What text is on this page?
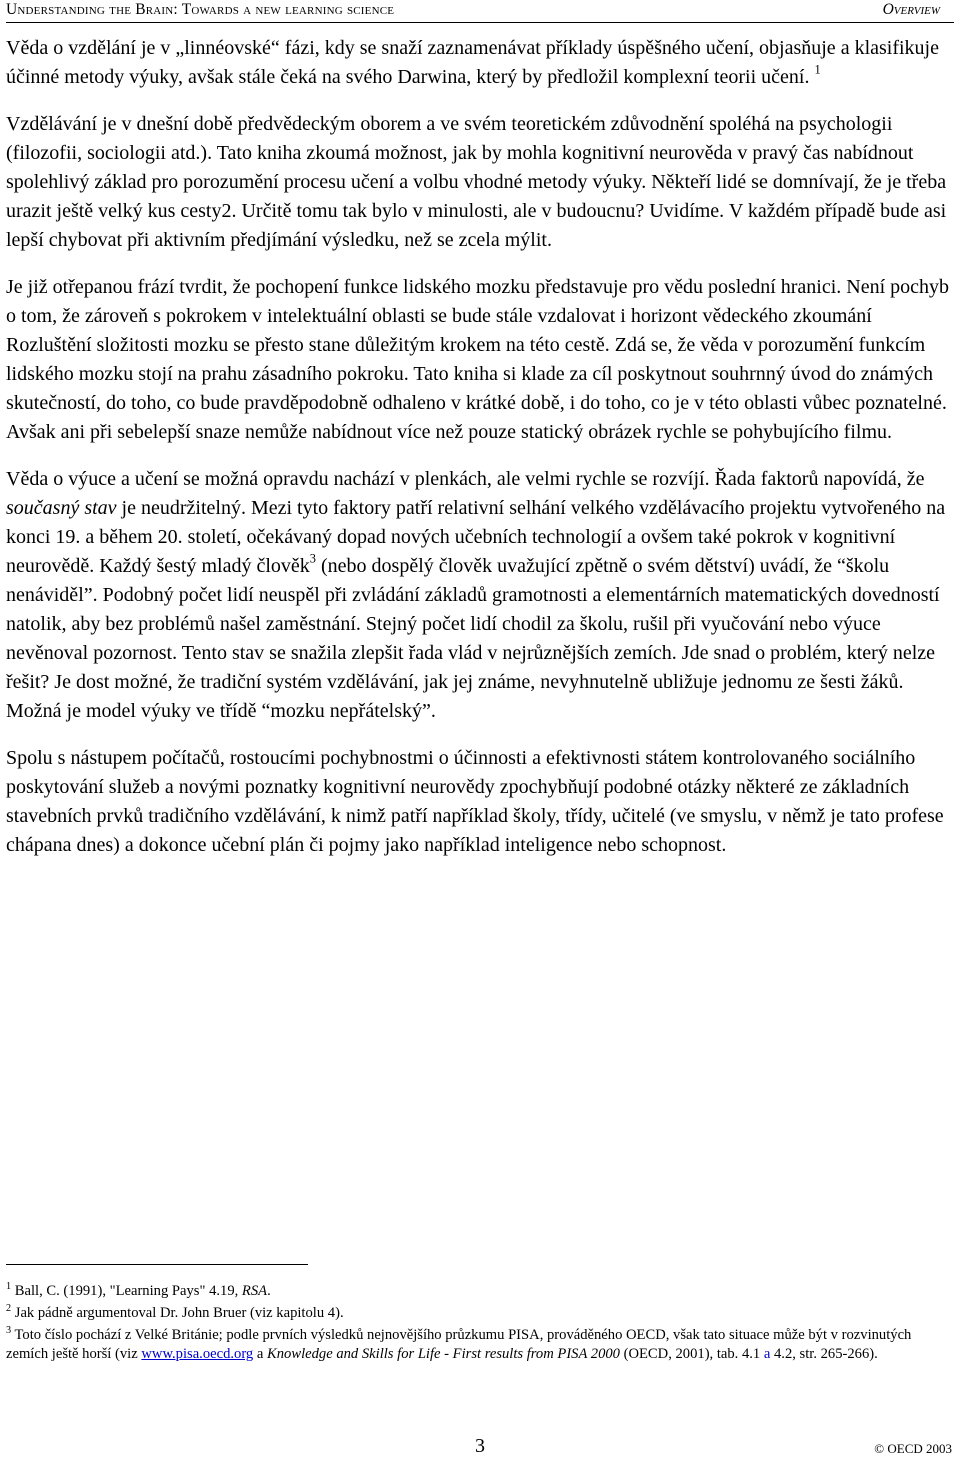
Understanding the Brain: Towards a new learning science	Overview

Věda o vzdělání je v „linnéovské“ fázi, kdy se snaží zaznamenávat příklady úspěšného učení, objasňuje a klasifikuje účinné metody výuky, avšak stále čeká na svého Darwina, který by předložil komplexní teorii učení. $^1$

Vzdělávání je v dnešní době předvědeckým oborem a ve svém teoretickém zdůvodnění spoléhá na psychologii (filozofii, sociologii atd.). Tato kniha zkoumá možnost, jak by mohla kognitivní neurověda v pravý čas nabídnout spolehlivý základ pro porozumění procesu učení a volbu vhodné metody výuky. Někteří lidé se domnívají, že je třeba urazit ještě velký kus cesty2. Určitě tomu tak bylo v minulosti, ale v budoucnu? Uvidíme. V každém případě bude asi lepší chybovat při aktivním předjímání výsledku, než se zcela mýlit.

Je již otřepanou frází tvrdit, že pochopení funkce lidského mozku představuje pro vědu poslední hranici. Není pochyb o tom, že zároveň s pokrokem v intelektuální oblasti se bude stále vzdalovat i horizont vědeckého zkoumání Rozluštění složitosti mozku se přesto stane důležitým krokem na této cestě. Zdá se, že věda v porozumění funkcím lidského mozku stojí na prahu zásadního pokroku. Tato kniha si klade za cíl poskytnout souhrnný úvod do známých skutečností, do toho, co bude pravděpodobně odhaleno v krátké době, i do toho, co je v této oblasti vůbec poznatelné. Avšak ani při sebelepší snaze nemůže nabídnout více než pouze statický obrázek rychle se pohybujícího filmu.

Věda o výuce a učení se možná opravdu nachází v plenkách, ale velmi rychle se rozvíjí. Řada faktorů napovídá, že současný stav je neudržitelný. Mezi tyto faktory patří relativní selhání velkého vzdělávacího projektu vytvořeného na konci 19. a během 20. století, očekávaný dopad nových učebních technologií a ovšem také pokrok v kognitivní neurovědě. Každý šestý mladý člověk$^3$ (nebo dospělý člověk uvažující zpětně o svém dětství) uvádí, že “školu nenáviděl”. Podobný počet lidí neuspěl při zvládání základů gramotnosti a elementárních matematických dovedností natolik, aby bez problémů našel zaměstnání. Stejný počet lidí chodil za školu, rušil při vyučování nebo výuce nevěnoval pozornost. Tento stav se snažila zlepšit řada vlád v nejrůznějších zemích. Jde snad o problém, který nelze řešit? Je dost možné, že tradiční systém vzdělávání, jak jej známe, nevyhnutelně ubližuje jednomu ze šesti žáků. Možná je model výuky ve třídě “mozku nepřátelský”.

Spolu s nástupem počítačů, rostoucími pochybnostmi o účinnosti a efektivnosti státem kontrolovaného sociálního poskytování služeb a novými poznatky kognitivní neurovědy zpochybňují podobné otázky některé ze základních stavebních prvků tradičního vzdělávání, k nimž patří například školy, třídy, učitelé (ve smyslu, v němž je tato profese chápana dnes) a dokonce učební plán či pojmy jako například inteligence nebo schopnost.

$^1$ Ball, C. (1991), "Learning Pays" 4.19, RSA.

$^2$ Jak pádně argumentoval Dr. John Bruer (viz kapitolu 4).

$^3$ Toto číslo pochází z Velké Británie; podle prvních výsledků nejnovějšího průzkumu PISA, prováděného OECD, však tato situace může být v rozvinutých zemích ještě horší (viz www.pisa.oecd.org a Knowledge and Skills for Life - First results from PISA 2000 (OECD, 2001), tab. 4.1 a 4.2, str. 265-266).

3	© OECD 2003
